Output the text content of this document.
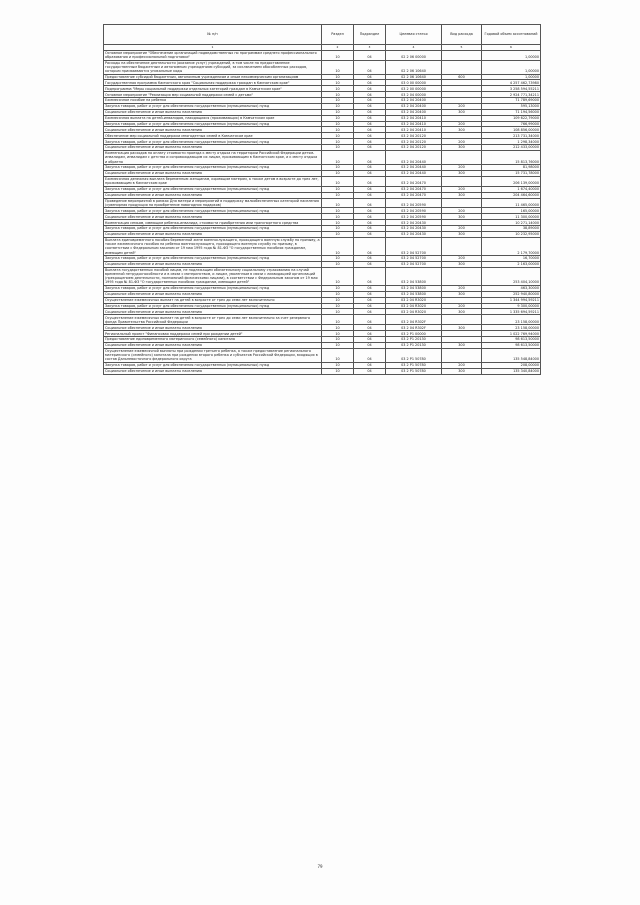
№ п/п	Раздел	Подраздел	Целевая статья	Вид расхода	Годовой объем ассигнований
1	2	3	4	5	6
Основное мероприятие "Обеспечение организаций подведомственных по программам среднего профессионального образования и профессиональной подготовки"	10	04	02 2 06 00000		1,00000
Расходы на обеспечение деятельности (оказание услуг) учреждений, в том числе на предоставление государственным бюджетным и автономным учреждениям субсидий, за исключением обособленных расходов, которым присваиваются уникальные коды	10	04	02 2 06 10640		1,00000
Предоставление субсидий бюджетным, автономным учреждениям и иным некоммерческим организациям	10	04	02 2 06 10640	600	1,00000
Государственная программа Камчатского края "Социальная поддержка граждан в Камчатском крае"	10	04	03 0 00 00000		4 257 462,73980
Подпрограмма "Меры социальной поддержки отдельных категорий граждан в Камчатском крае"	10	04	03 2 00 00000		3 258 594,55211
Основное мероприятие "Реализация мер социальной поддержки семей с детьми"	10	04	03 2 04 00000		2 924 771,34211
Ежемесячное пособие на ребенка	10	04	03 2 04 20400		71 789,69000
Закупка товаров, работ и услуг для обеспечения государственных (муниципальных) нужд	10	04	03 2 04 20400	200	595,13000
Социальное обеспечение и иные выплаты населению	10	04	03 2 04 20400	300	71 194,56000
Ежемесячная выплата на детей-инвалидов, находящихся (проживающих) в Камчатском крае	10	04	03 2 04 20410		109 622,79000
Закупка товаров, работ и услуг для обеспечения государственных (муниципальных) нужд	10	04	03 2 04 20410	200	766,99000
Социальное обеспечение и иные выплаты населению	10	04	03 2 04 20410	300	108 856,00000
Обеспечение мер социальной поддержки многодетных семей в Камчатском крае	10	04	03 2 04 20120		213 731,34000
Закупка товаров, работ и услуг для обеспечения государственных (муниципальных) нужд	10	04	03 2 04 20120	200	1 298,34000
Социальное обеспечение и иные выплаты населению	10	04	03 2 04 20120	300	212 433,00000
Компенсация расходов на оплату стоимости проезда к месту отдыха на территории Российской Федерации детям-инвалидам, инвалидам с детства и сопровождающим их лицам, проживающим в Камчатском крае, и к месту отдыха и обратно	10	04	03 2 04 20440		15 813,76000
Закупка товаров, работ и услуг для обеспечения государственных (муниципальных) нужд	10	04	03 2 04 20440	200	81,98000
Социальное обеспечение и иные выплаты населению	10	04	03 2 04 20440	300	15 731,78000
Ежемесячная денежная выплата беременным женщинам, кормящим матерям, а также детям в возрасте до трех лет, проживающим в Камчатском крае	10	04	03 2 04 20470		206 139,00000
Закупка товаров, работ и услуг для обеспечения государственных (муниципальных) нужд	10	04	03 2 04 20470	200	1 674,40000
Социальное обеспечение и иные выплаты населению	10	04	03 2 04 20470	300	204 464,60000
Проведение мероприятий в рамках Дня матери и мероприятий в поддержку малообеспеченных категорий населения (сувенирная продукция на приобретение новогодних подарков)	10	04	03 2 04 20590		11 465,00000
Закупка товаров, работ и услуг для обеспечения государственных (муниципальных) нужд	10	04	03 2 04 20590	200	165,00000
Социальное обеспечение и иные выплаты населению	10	04	03 2 04 20590	300	11 300,00000
Компенсация семьям, имеющим ребенка-инвалида, стоимости приобретения ими транспортного средства	10	04	03 2 04 20430		10 271,14000
Закупка товаров, работ и услуг для обеспечения государственных (муниципальных) нужд	10	04	03 2 04 20430	200	38,89000
Социальное обеспечение и иные выплаты населению	10	04	03 2 04 20430	300	10 232,95000
Выплата единовременного пособия беременной жене военнослужащего, проходящего военную службу по призыву, а также ежемесячного пособия на ребенка военнослужащего, проходящего военную службу по призыву, в соответствии с Федеральным законом от 19 мая 1995 года № 81-ФЗ "О государственных пособиях гражданам, имеющим детей"	10	04	03 2 04 52700		2 179,70000
Закупка товаров, работ и услуг для обеспечения государственных (муниципальных) нужд	10	04	03 2 04 52700	200	16,70000
Социальное обеспечение и иные выплаты населению	10	04	03 2 04 52700	300	2 163,00000
Выплата государственных пособий лицам, не подлежащим обязательному социальному страхованию на случай временной нетрудоспособности и в связи с материнством, и лицам, уволенным в связи с ликвидацией организаций (прекращением деятельности, полномочий физическими лицами), в соответствии с Федеральным законом от 19 мая 1995 года № 81-ФЗ "О государственных пособиях гражданам, имеющим детей"	10	04	03 2 04 53800		253 404,10000
Закупка товаров, работ и услуг для обеспечения государственных (муниципальных) нужд	10	04	03 2 04 53800	200	463,30000
Социальное обеспечение и иные выплаты населению	10	04	03 2 04 53800	300	252 940,80000
Осуществление ежемесячных выплат на детей в возрасте от трех до семи лет включительно	10	04	03 2 04 R3020		1 344 994,59211
Закупка товаров, работ и услуг для обеспечения государственных (муниципальных) нужд	10	04	03 2 04 R3020	200	9 300,00000
Социальное обеспечение и иные выплаты населению	10	04	03 2 04 R3020	300	1 335 694,59211
Осуществление ежемесячных выплат на детей в возрасте от трех до семи лет включительно за счет резервного фонда Правительства Российской Федерации	10	04	03 2 04 R302F		23 158,00000
Социальное обеспечение и иные выплаты населению	10	04	03 2 04 R302F	300	23 158,00000
Региональный проект "Финансовая поддержка семей при рождении детей"	10	04	03 2 P1 00000		1 022 769,94000
Предоставление единовременного материнского (семейного) капитала	10	04	03 2 P1 20130		98 613,50000
Социальное обеспечение и иные выплаты населению	10	04	03 2 P1 20130	300	98 613,50000
Осуществление ежемесячной выплаты при рождении третьего ребенка, а также предоставление регионального материнского (семейного) капитала при рождении второго ребенка и субъектов Российской Федерации, входящих в состав Дальневосточного федерального округа	10	04	03 2 P1 50780		135 548,84000
Закупка товаров, работ и услуг для обеспечения государственных (муниципальных) нужд	10	04	03 2 P1 50780	200	208,00000
Социальное обеспечение и иные выплаты населению	10	04	03 2 P1 50780	300	135 340,84000
79
